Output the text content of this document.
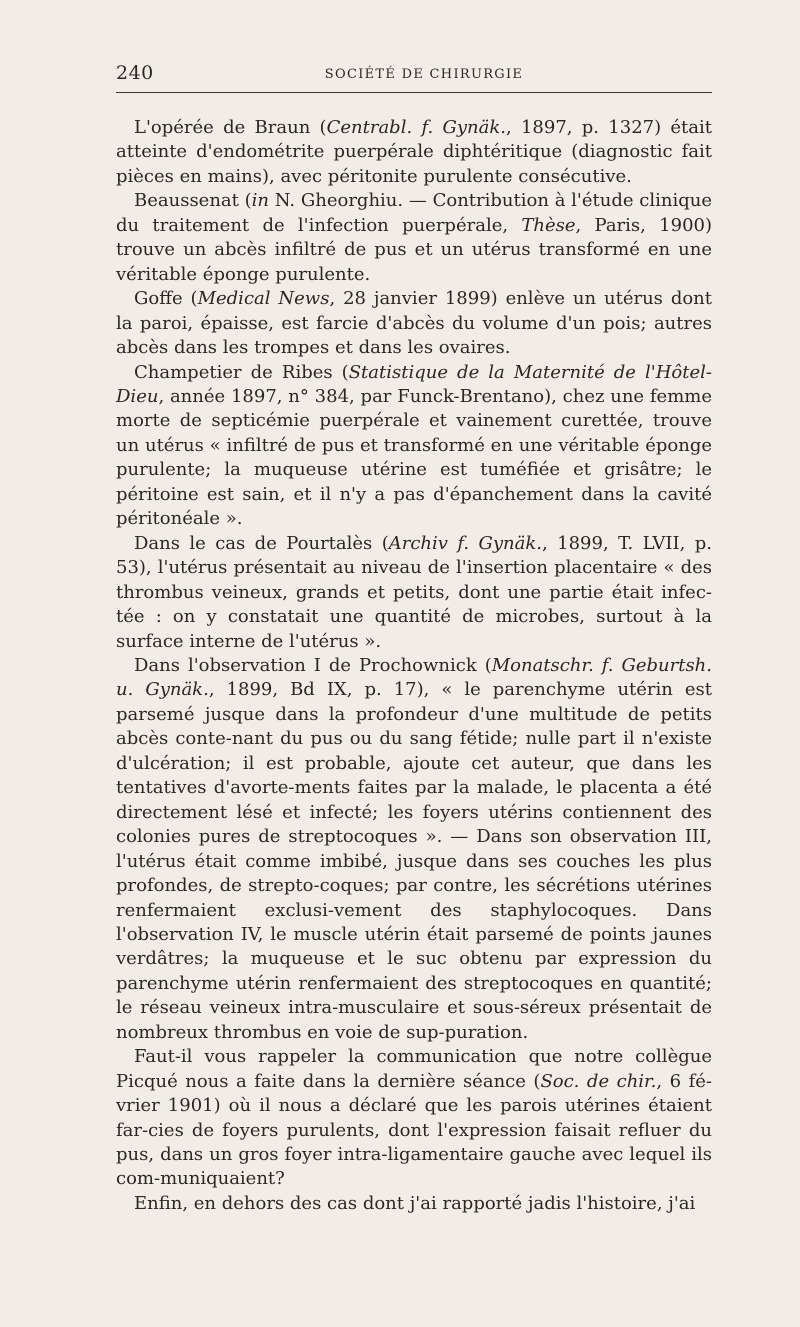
240	SOCIÉTÉ DE CHIRURGIE

L'opérée de Braun (Centrabl. f. Gynäk., 1897, p. 1327) était atteinte d'endométrite puerpérale diphtéritique (diagnostic fait pièces en mains), avec péritonite purulente consécutive.

Beaussenat (in N. Gheorghiu. — Contribution à l'étude clinique du traitement de l'infection puerpérale, Thèse, Paris, 1900) trouve un abcès infiltré de pus et un utérus transformé en une véritable éponge purulente.

Goffe (Medical News, 28 janvier 1899) enlève un utérus dont la paroi, épaisse, est farcie d'abcès du volume d'un pois; autres abcès dans les trompes et dans les ovaires.

Champetier de Ribes (Statistique de la Maternité de l'Hôtel-Dieu, année 1897, n° 384, par Funck-Brentano), chez une femme morte de septicémie puerpérale et vainement curettée, trouve un utérus « infiltré de pus et transformé en une véritable éponge purulente; la muqueuse utérine est tuméfiée et grisâtre; le péritoine est sain, et il n'y a pas d'épanchement dans la cavité péritonéale ».

Dans le cas de Pourtalès (Archiv f. Gynäk., 1899, T. LVII, p. 53), l'utérus présentait au niveau de l'insertion placentaire « des thrombus veineux, grands et petits, dont une partie était infec-tée : on y constatait une quantité de microbes, surtout à la surface interne de l'utérus ».

Dans l'observation I de Prochownick (Monatschr. f. Geburtsh. u. Gynäk., 1899, Bd IX, p. 17), « le parenchyme utérin est parsemé jusque dans la profondeur d'une multitude de petits abcès conte-nant du pus ou du sang fétide; nulle part il n'existe d'ulcération; il est probable, ajoute cet auteur, que dans les tentatives d'avorte-ments faites par la malade, le placenta a été directement lésé et infecté; les foyers utérins contiennent des colonies pures de streptocoques ». — Dans son observation III, l'utérus était comme imbibé, jusque dans ses couches les plus profondes, de strepto-coques; par contre, les sécrétions utérines renfermaient exclusi-vement des staphylocoques. Dans l'observation IV, le muscle utérin était parsemé de points jaunes verdâtres; la muqueuse et le suc obtenu par expression du parenchyme utérin renfermaient des streptocoques en quantité; le réseau veineux intra-musculaire et sous-séreux présentait de nombreux thrombus en voie de sup-puration.

Faut-il vous rappeler la communication que notre collègue Picqué nous a faite dans la dernière séance (Soc. de chir., 6 fé-vrier 1901) où il nous a déclaré que les parois utérines étaient far-cies de foyers purulents, dont l'expression faisait refluer du pus, dans un gros foyer intra-ligamentaire gauche avec lequel ils com-muniquaient?

Enfin, en dehors des cas dont j'ai rapporté jadis l'histoire, j'ai
